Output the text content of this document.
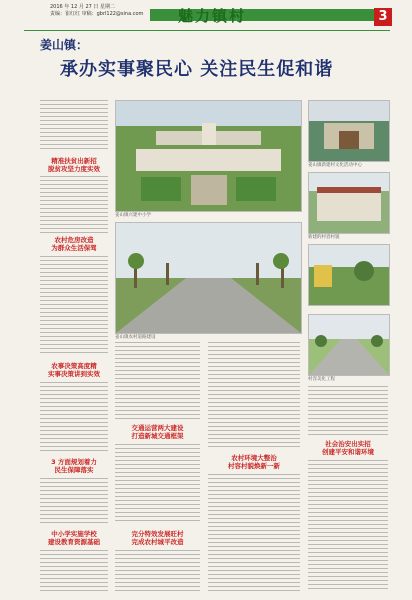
2016 年 12 月 27 日 星期二
责编：崔红红 审稿：gbrl122@sina.com 魅力镇村	3
姜山镇：
承办实事聚民心 关注民生促和谐
精准扶贫出新招
脱贫攻坚力度实效
农村危房改造
为群众生活保驾
农事决策高度精
实事决策讲到实效
3 方面规划着力
民生保障落实
中小学实施学校
建设教育资源基础
姜山镇兴建中小学
姜山镇农村道路建设
交通运营两大建设
打造新城交通框架
完分特效发展旺村
完成农村城平改造
农村环境大整治
村容村貌焕新一新
姜山镇新建村文化活动中心
新建的村容村貌
村容美化工程
社会治安出实招
创建平安和谐环境
